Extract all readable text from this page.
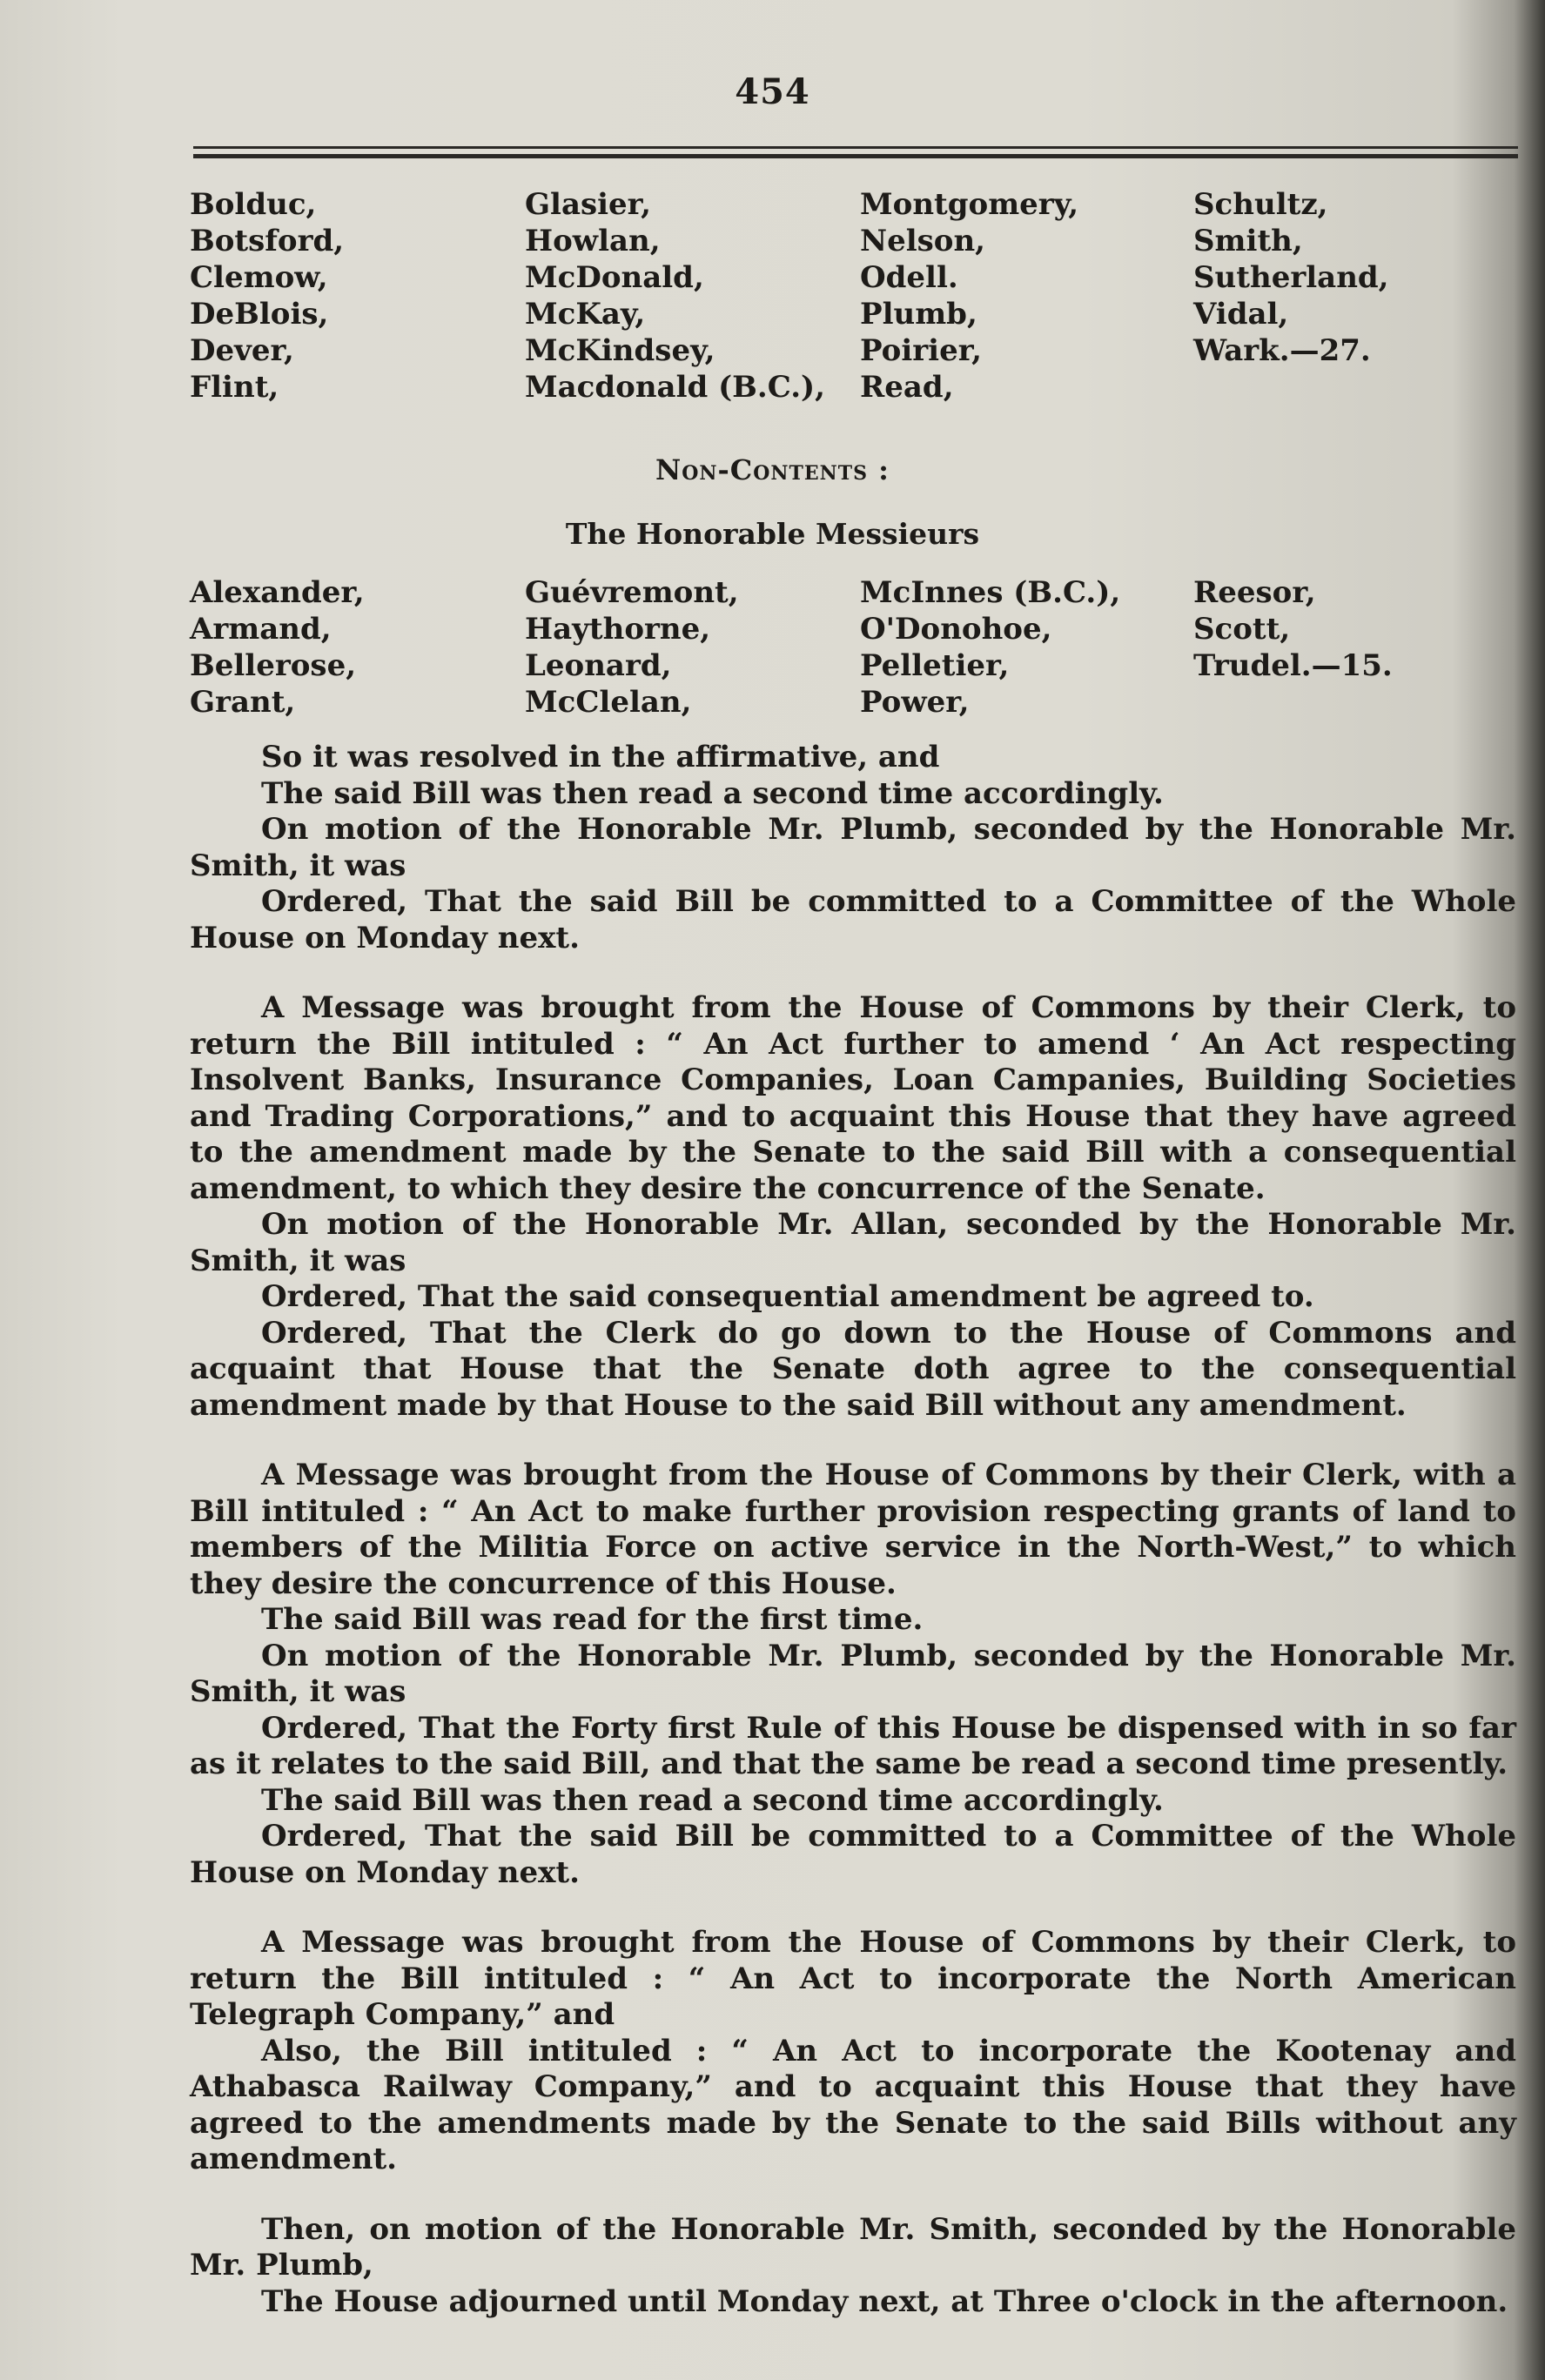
454
Bolduc,
Botsford,
Clemow,
DeBlois,
Dever,
Flint,
Glasier,
Howlan,
McDonald,
McKay,
McKindsey,
Macdonald (B.C.),
Montgomery,
Nelson,
Odell.
Plumb,
Poirier,
Read,
Schultz,
Smith,
Sutherland,
Vidal,
Wark.—27.
Non-Contents :
The Honorable Messieurs
Alexander,
Armand,
Bellerose,
Grant,
Guévremont,
Haythorne,
Leonard,
McClelan,
McInnes (B.C.),
O'Donohoe,
Pelletier,
Power,
Reesor,
Scott,
Trudel.—15.

So it was resolved in the affirmative, and

The said Bill was then read a second time accordingly.

On motion of the Honorable Mr. Plumb, seconded by the Honorable Mr. Smith, it was

Ordered, That the said Bill be committed to a Committee of the Whole House on Monday next.

A Message was brought from the House of Commons by their Clerk, to return the Bill intituled : “ An Act further to amend ‘ An Act respecting Insolvent Banks, Insurance Companies, Loan Campanies, Building Societies and Trading Corporations,” and to acquaint this House that they have agreed to the amendment made by the Senate to the said Bill with a consequential amendment, to which they desire the concurrence of the Senate.

On motion of the Honorable Mr. Allan, seconded by the Honorable Mr. Smith, it was

Ordered, That the said consequential amendment be agreed to.

Ordered, That the Clerk do go down to the House of Commons and acquaint that House that the Senate doth agree to the consequential amendment made by that House to the said Bill without any amendment.

A Message was brought from the House of Commons by their Clerk, with a Bill intituled : “ An Act to make further provision respecting grants of land to members of the Militia Force on active service in the North-West,” to which they desire the concurrence of this House.

The said Bill was read for the first time.

On motion of the Honorable Mr. Plumb, seconded by the Honorable Mr. Smith, it was

Ordered, That the Forty first Rule of this House be dispensed with in so far as it relates to the said Bill, and that the same be read a second time presently.

The said Bill was then read a second time accordingly.

Ordered, That the said Bill be committed to a Committee of the Whole House on Monday next.

A Message was brought from the House of Commons by their Clerk, to return the Bill intituled : “ An Act to incorporate the North American Telegraph Company,” and

Also, the Bill intituled : “ An Act to incorporate the Kootenay and Athabasca Railway Company,” and to acquaint this House that they have agreed to the amendments made by the Senate to the said Bills without any amendment.

Then, on motion of the Honorable Mr. Smith, seconded by the Honorable Mr. Plumb,

The House adjourned until Monday next, at Three o'clock in the afternoon.
